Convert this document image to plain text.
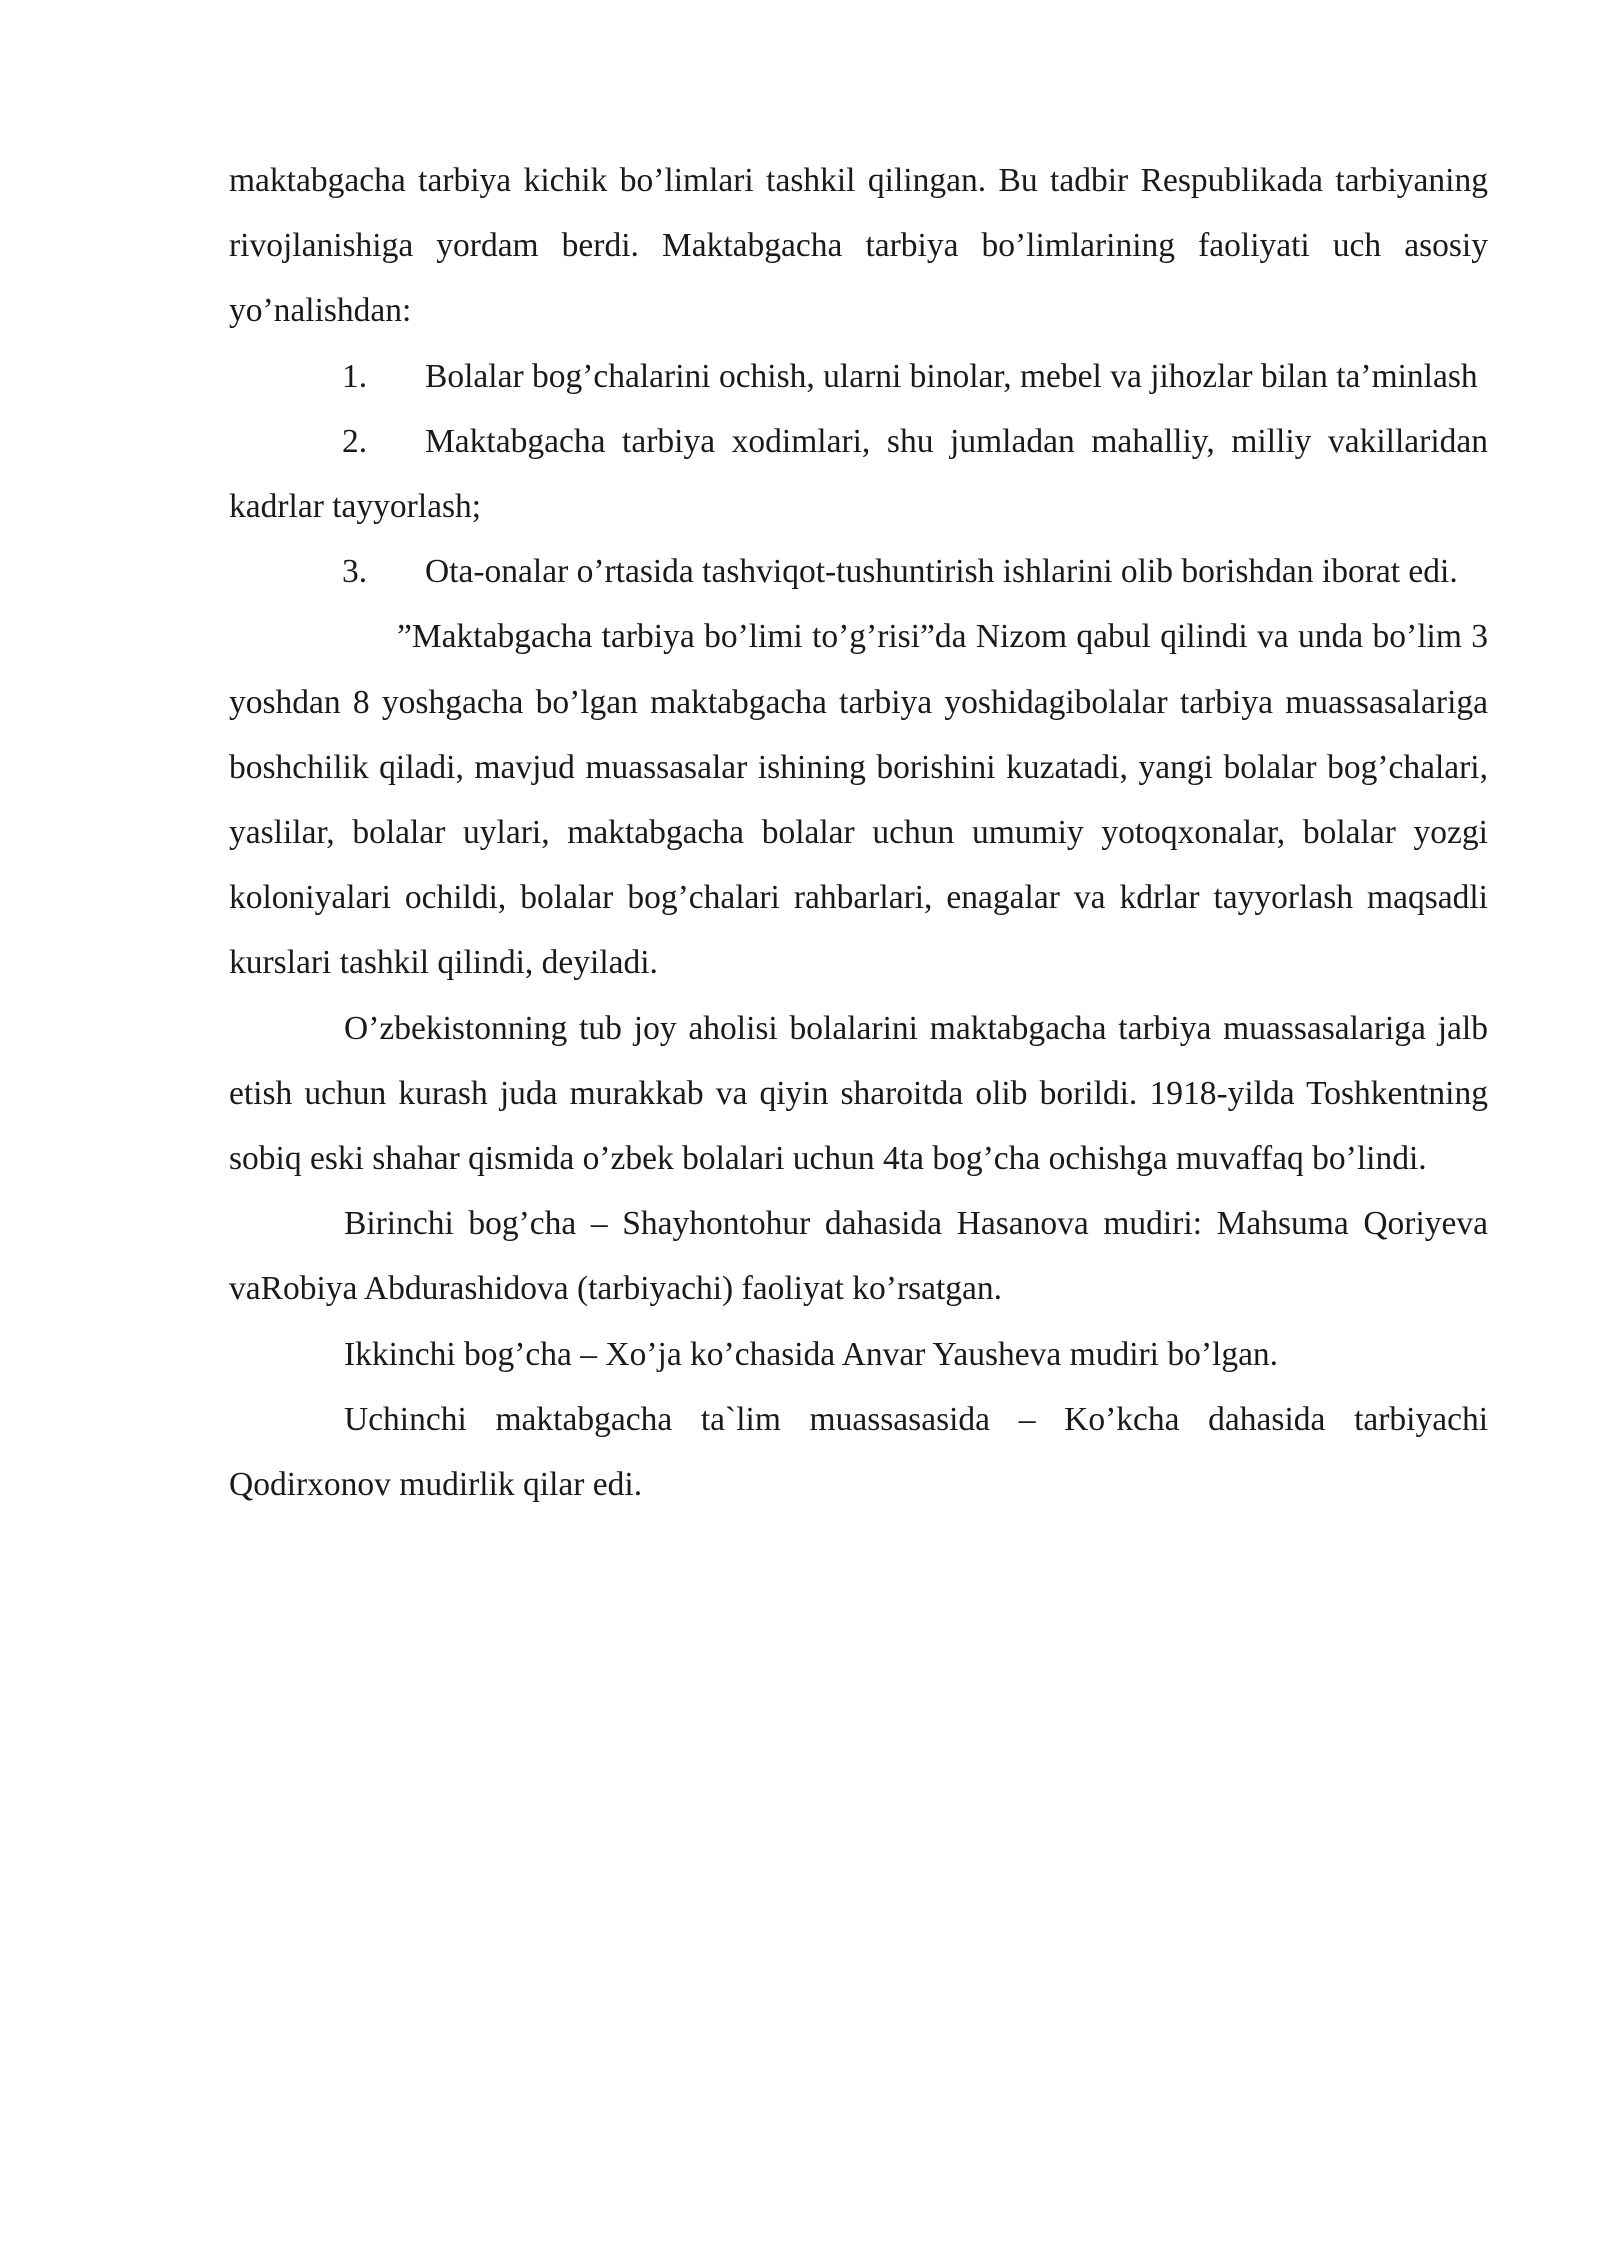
maktabgacha tarbiya kichik bo’limlari tashkil qilingan. Bu tadbir Respublikada tarbiyaning rivojlanishiga yordam berdi. Maktabgacha tarbiya bo’limlarining faoliyati uch asosiy yo’nalishdan:

1. Bolalar bog’chalarini ochish, ularni binolar, mebel va jihozlar bilan ta’minlash

2. Maktabgacha tarbiya xodimlari, shu jumladan mahalliy, milliy vakillaridan kadrlar tayyorlash;

3. Ota-onalar o’rtasida tashviqot-tushuntirish ishlarini olib borishdan iborat edi.

”Maktabgacha tarbiya bo’limi to’g’risi”da Nizom qabul qilindi va unda bo’lim 3 yoshdan 8 yoshgacha bo’lgan maktabgacha tarbiya yoshidagibolalar tarbiya muassasalariga boshchilik qiladi, mavjud muassasalar ishining borishini kuzatadi, yangi bolalar bog’chalari, yaslilar, bolalar uylari, maktabgacha bolalar uchun umumiy yotoqxonalar, bolalar yozgi koloniyalari ochildi, bolalar bog’chalari rahbarlari, enagalar va kdrlar tayyorlash maqsadli kurslari tashkil qilindi, deyiladi.

O’zbekistonning tub joy aholisi bolalarini maktabgacha tarbiya muassasalariga jalb etish uchun kurash juda murakkab va qiyin sharoitda olib borildi. 1918-yilda Toshkentning sobiq eski shahar qismida o’zbek bolalari uchun 4ta bog’cha ochishga muvaffaq bo’lindi.

Birinchi bog’cha – Shayhontohur dahasida Hasanova mudiri: Mahsuma Qoriyeva vaRobiya Abdurashidova (tarbiyachi) faoliyat ko’rsatgan.

Ikkinchi bog’cha – Xo’ja ko’chasida Anvar Yausheva mudiri bo’lgan.

Uchinchi maktabgacha ta`lim muassasasida – Ko’kcha dahasida tarbiyachi Qodirxonov mudirlik qilar edi.
